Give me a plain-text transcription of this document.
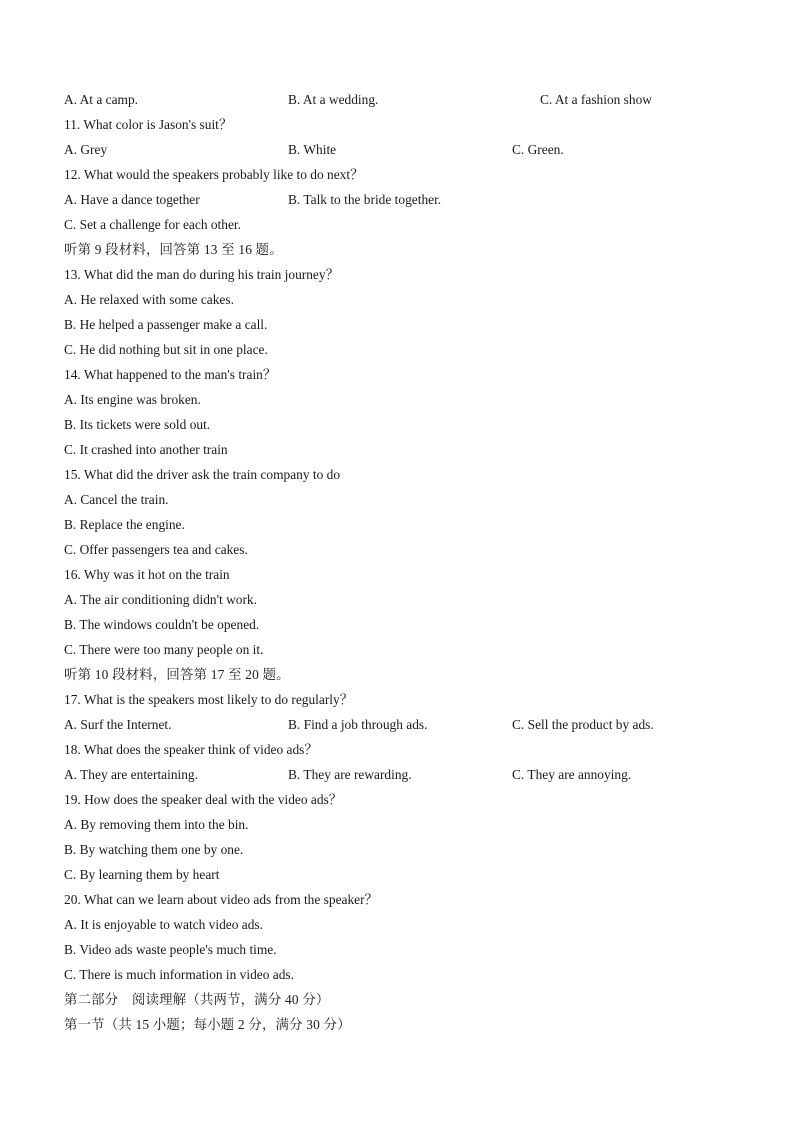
A. At a camp.	B. At a wedding.	C. At a fashion show
11. What color is Jason's suit？
A. Grey	B. White	C. Green.
12. What would the speakers probably like to do next？
A. Have a dance together	B. Talk to the bride together.
C. Set a challenge for each other.
听第 9 段材料，回答第 13 至 16 题。
13. What did the man do during his train journey？
A. He relaxed with some cakes.
B. He helped a passenger make a call.
C. He did nothing but sit in one place.
14. What happened to the man's train？
A. Its engine was broken.
B. Its tickets were sold out.
C. It crashed into another train
15. What did the driver ask the train company to do
A. Cancel the train.
B. Replace the engine.
C. Offer passengers tea and cakes.
16. Why was it hot on the train
A. The air conditioning didn't work.
B. The windows couldn't be opened.
C. There were too many people on it.
听第 10 段材料，回答第 17 至 20 题。
17. What is the speakers most likely to do regularly？
A. Surf the Internet.	B. Find a job through ads.	C. Sell the product by ads.
18. What does the speaker think of video ads？
A. They are entertaining.	B. They are rewarding.	C. They are annoying.
19. How does the speaker deal with the video ads？
A. By removing them into the bin.
B. By watching them one by one.
C. By learning them by heart
20. What can we learn about video ads from the speaker？
A. It is enjoyable to watch video ads.
B. Video ads waste people's much time.
C. There is much information in video ads.
第二部分　阅读理解（共两节，满分 40 分）
第一节（共 15 小题；每小题 2 分，满分 30 分）
